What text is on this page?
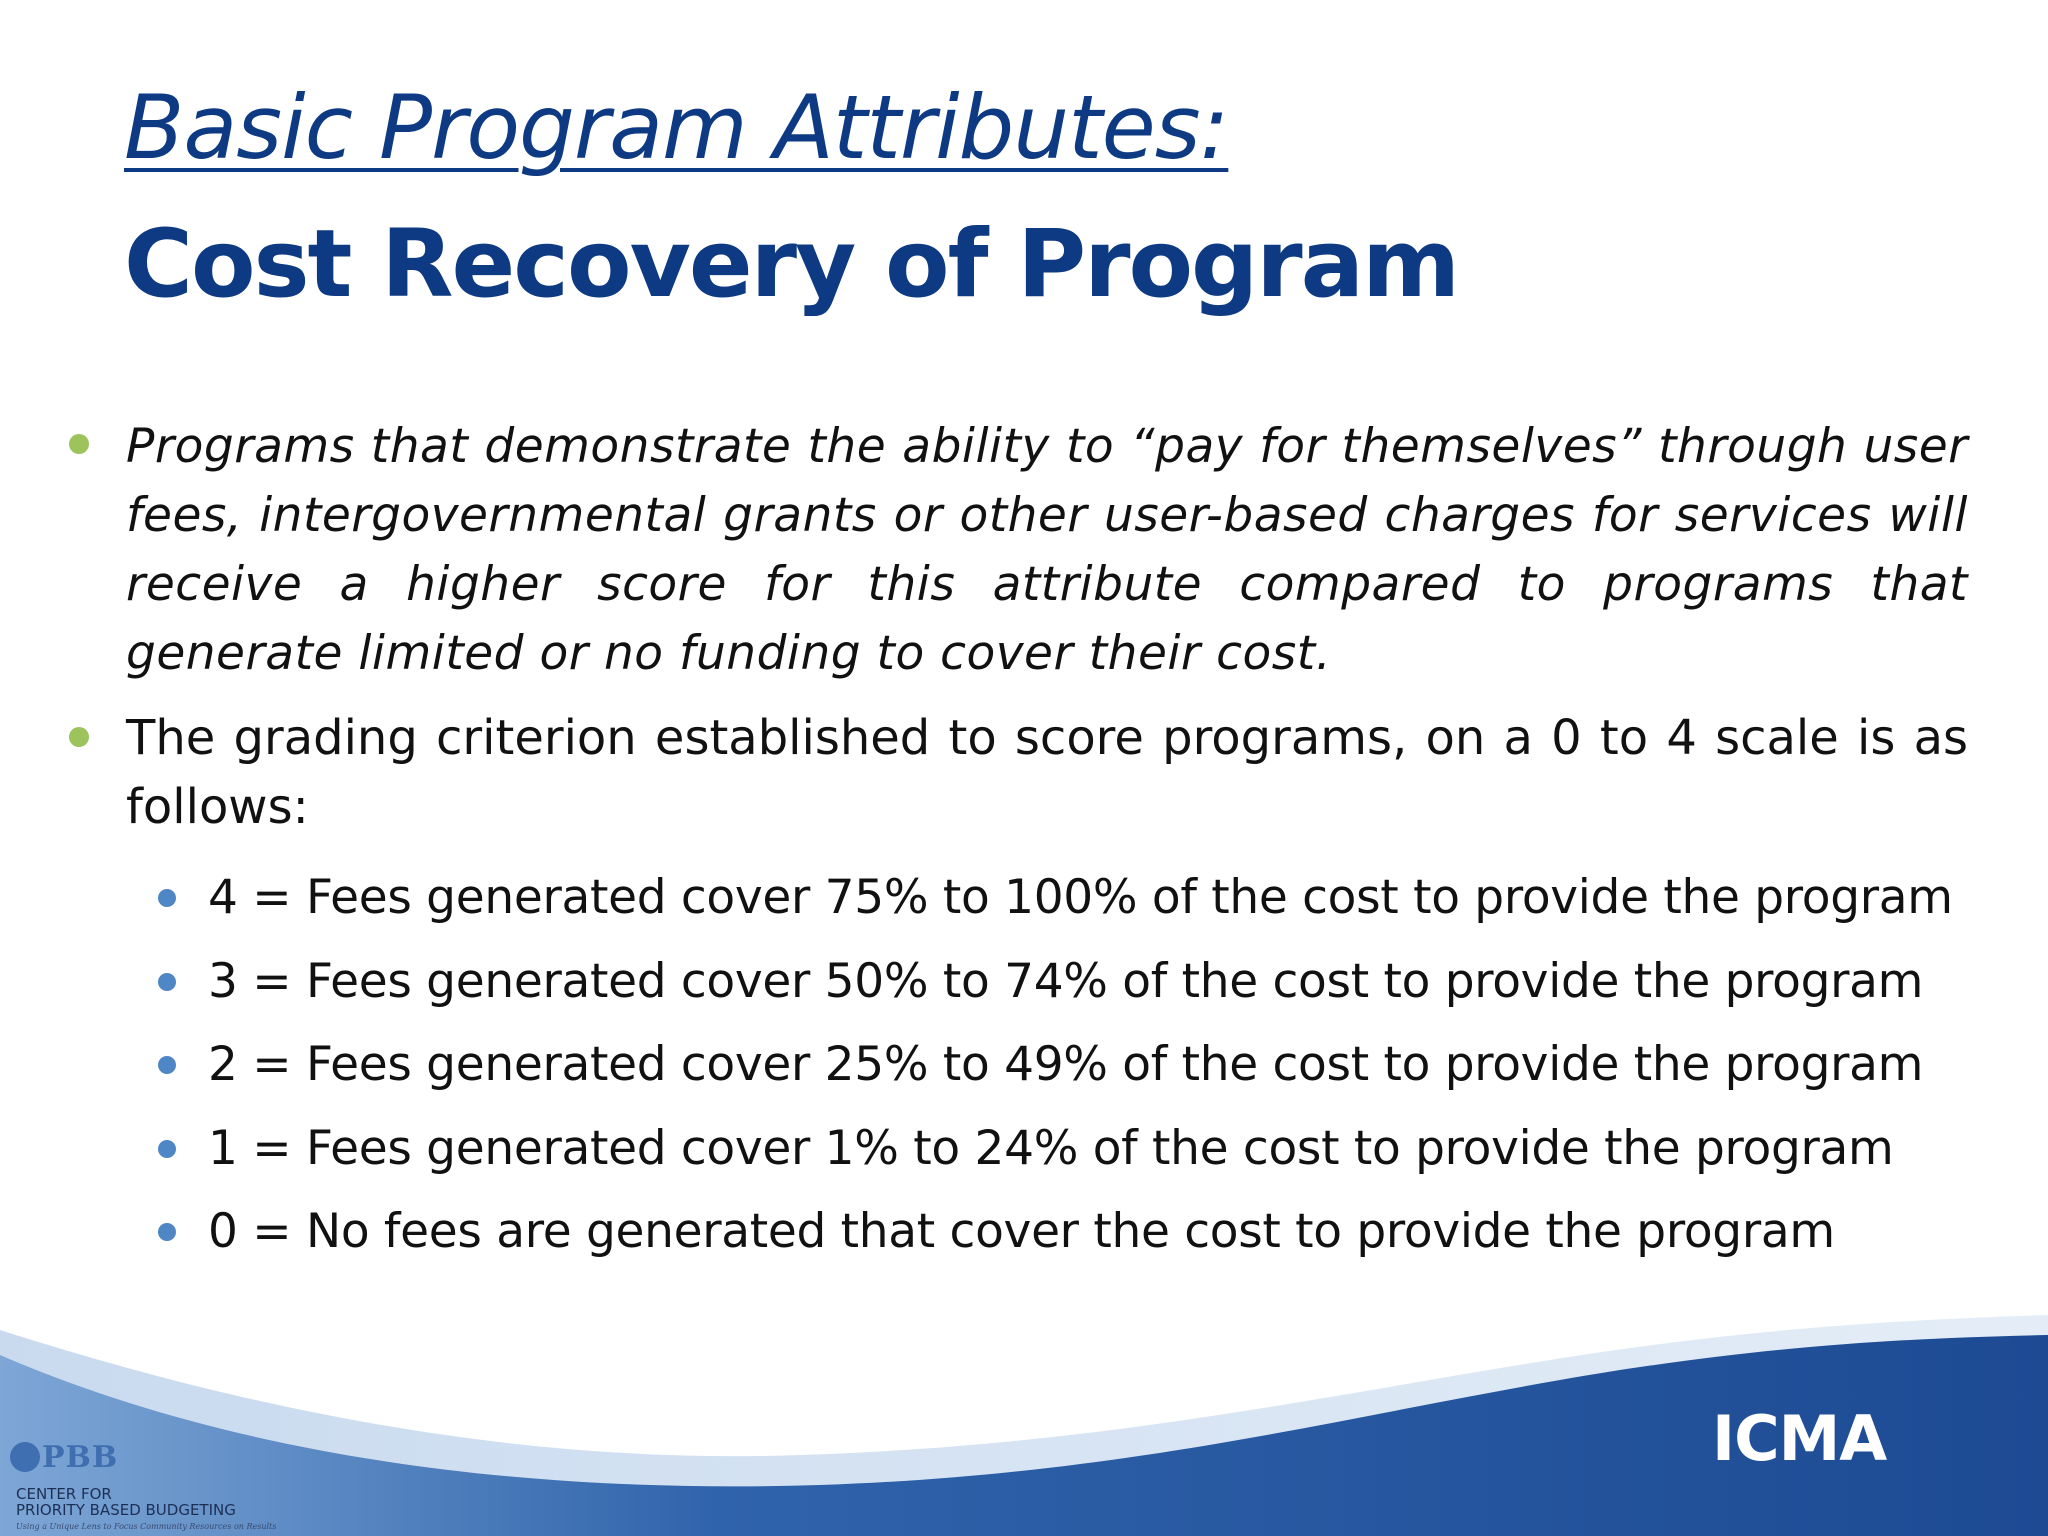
Basic Program Attributes:
Cost Recovery of Program
Programs that demonstrate the ability to “pay for themselves” through user fees, intergovernmental grants or other user-based charges for services will receive a higher score for this attribute compared to programs that generate limited or no funding to cover their cost.
The grading criterion established to score programs, on a 0 to 4 scale is as follows:
4 = Fees generated cover 75% to 100% of the cost to provide the program
3 = Fees generated cover 50% to 74% of the cost to provide the program
2 = Fees generated cover 25% to 49% of the cost to provide the program
1 = Fees generated cover 1% to 24% of the cost to provide the program
0 = No fees are generated that cover the cost to provide the program
PBB
CENTER FOR
PRIORITY BASED BUDGETING
Using a Unique Lens to Focus Community Resources on Results
ICMA
